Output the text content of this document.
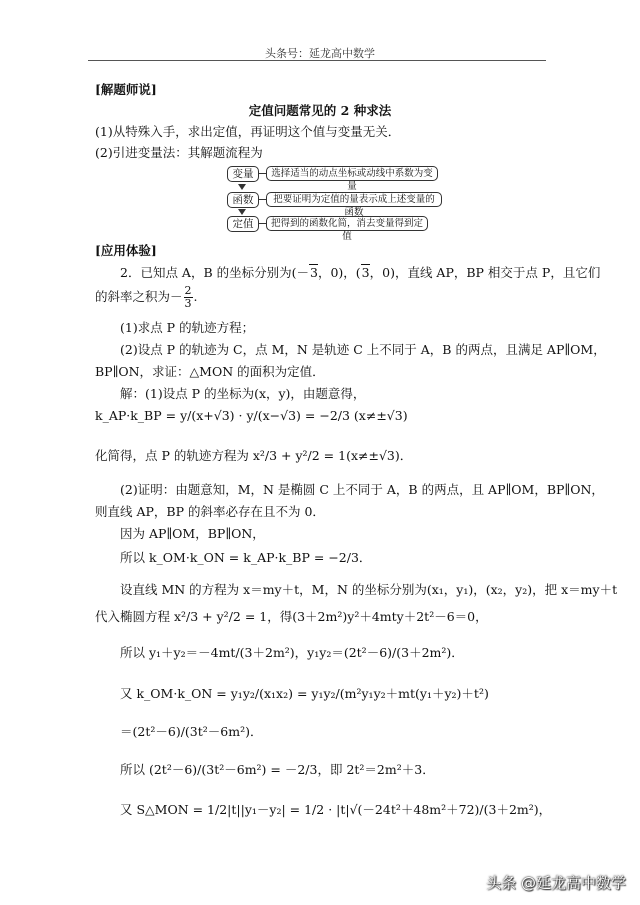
头条号：延龙高中数学
[解题师说]
定值问题常见的 2 种求法
(1)从特殊入手，求出定值，再证明这个值与变量无关．
(2)引进变量法：其解题流程为
变量	选择适当的动点坐标或动线中系数为变量
函数	把要证明为定值的量表示成上述变量的函数
定值	把得到的函数化简，消去变量得到定值
[应用体验]
2．已知点 A，B 的坐标分别为(－3，0)，(3，0)，直线 AP，BP 相交于点 P，且它们
的斜率之积为－ $\frac{2}{3}$ .
(1)求点 P 的轨迹方程；
(2)设点 P 的轨迹为 C，点 M，N 是轨迹 C 上不同于 A，B 的两点，且满足 AP∥OM，
BP∥ON，求证：△MON 的面积为定值．
解：(1)设点 P 的坐标为(x，y)，由题意得，
k_AP·k_BP = y/(x+√3) · y/(x−√3) = −2/3 (x≠±√3)
化简得，点 P 的轨迹方程为 x²/3 + y²/2 = 1(x≠±√3)．
(2)证明：由题意知，M，N 是椭圆 C 上不同于 A，B 的两点，且 AP∥OM，BP∥ON，
则直线 AP，BP 的斜率必存在且不为 0．
因为 AP∥OM，BP∥ON，
所以 k_OM·k_ON = k_AP·k_BP = −2/3．
设直线 MN 的方程为 x＝my＋t，M，N 的坐标分别为(x₁，y₁)，(x₂，y₂)，把 x＝my＋t
代入椭圆方程 x²/3 + y²/2 = 1，得(3＋2m²)y²＋4mty＋2t²－6＝0，
所以 y₁＋y₂＝－4mt/(3＋2m²)，y₁y₂＝(2t²－6)/(3＋2m²)．
又 k_OM·k_ON = y₁y₂/(x₁x₂) = y₁y₂/(m²y₁y₂＋mt(y₁＋y₂)＋t²)
＝(2t²－6)/(3t²－6m²)．
所以 (2t²－6)/(3t²－6m²) = －2/3，即 2t²＝2m²＋3．
又 S△MON = 1/2|t||y₁－y₂| = 1/2 · |t|√(－24t²＋48m²＋72)/(3＋2m²)，
头条 @延龙高中数学
